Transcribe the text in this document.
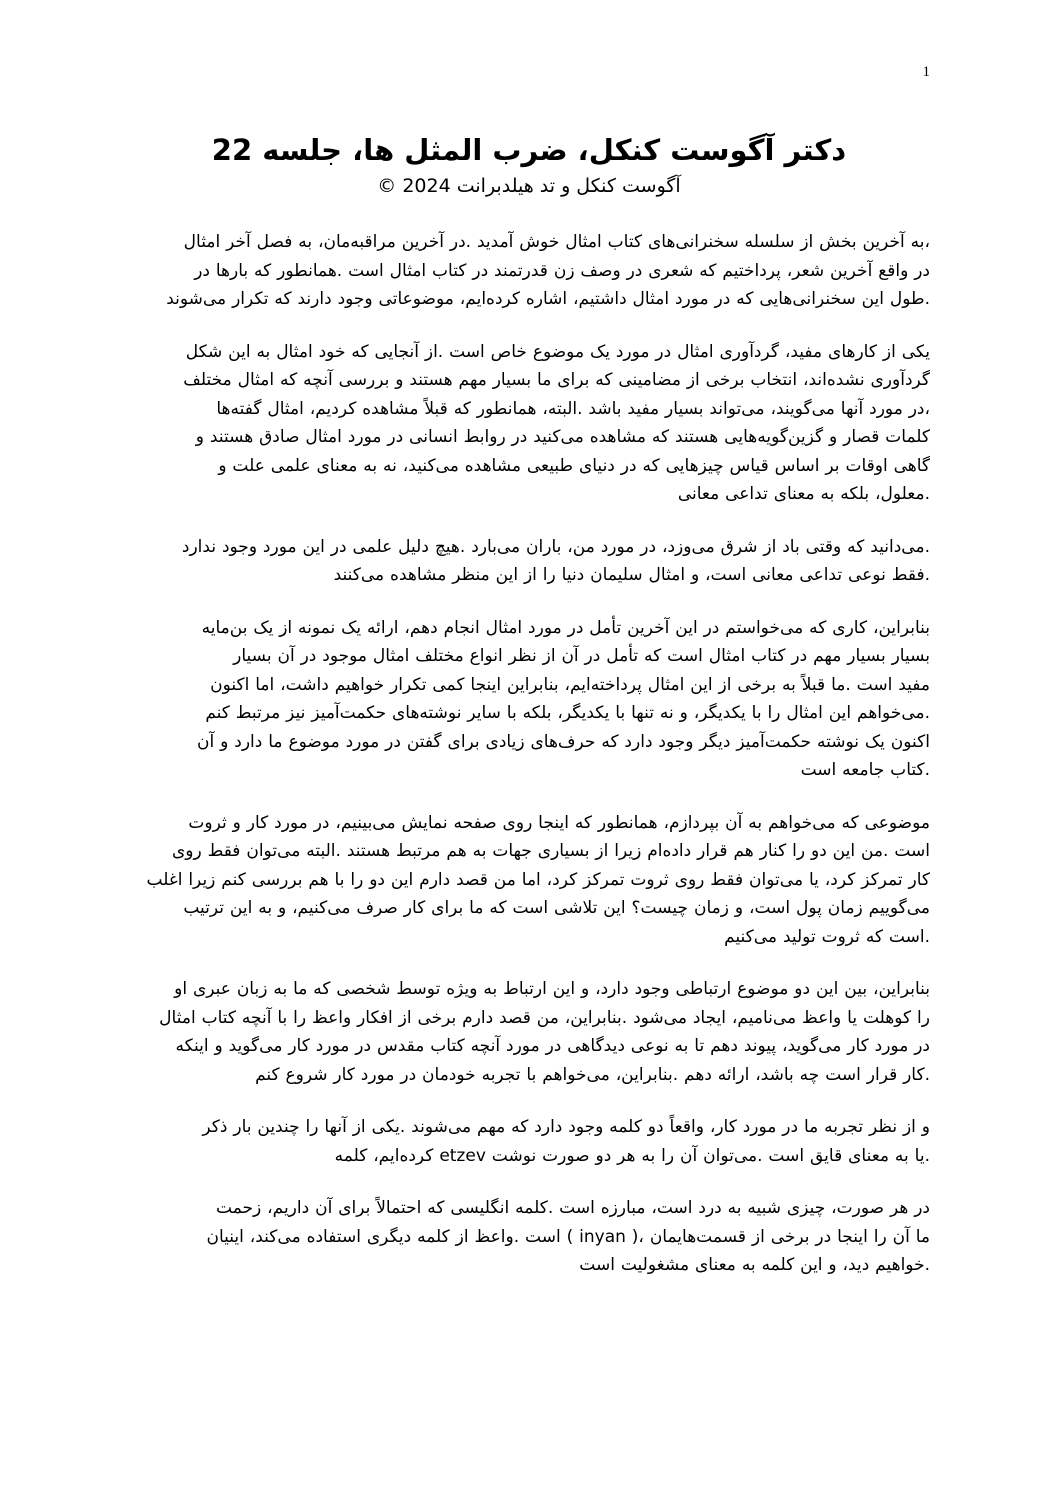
1
دکتر آگوست کنکل، ضرب المثل ها، جلسه 22

آگوست کنکل و تد هیلدبرانت 2024 ©

،به آخرین بخش از سلسله سخنرانی‌های کتاب امثال خوش آمدید .در آخرین مراقبه‌مان، به فصل آخر امثال
در واقع آخرین شعر، پرداختیم که شعری در وصف زن قدرتمند در کتاب امثال است .همانطور که بارها در
.طول این سخنرانی‌هایی که در مورد امثال داشتیم، اشاره کرده‌ایم، موضوعاتی وجود دارند که تکرار می‌شوند

یکی از کارهای مفید، گردآوری امثال در مورد یک موضوع خاص است .از آنجایی که خود امثال به این شکل
گردآوری نشده‌اند، انتخاب برخی از مضامینی که برای ما بسیار مهم هستند و بررسی آنچه که امثال مختلف
،در مورد آنها می‌گویند، می‌تواند بسیار مفید باشد .البته، همانطور که قبلاً مشاهده کردیم، امثال گفته‌ها
کلمات قصار و گزین‌گویه‌هایی هستند که مشاهده می‌کنید در روابط انسانی در مورد امثال صادق هستند و
گاهی اوقات بر اساس قیاس چیزهایی که در دنیای طبیعی مشاهده می‌کنید، نه به معنای علمی علت و
.معلول، بلکه به معنای تداعی معانی

.می‌دانید که وقتی باد از شرق می‌وزد، در مورد من، باران می‌بارد .هیچ دلیل علمی در این مورد وجود ندارد
.فقط نوعی تداعی معانی است، و امثال سلیمان دنیا را از این منظر مشاهده می‌کنند

بنابراین، کاری که می‌خواستم در این آخرین تأمل در مورد امثال انجام دهم، ارائه یک نمونه از یک بن‌مایه
بسیار بسیار مهم در کتاب امثال است که تأمل در آن از نظر انواع مختلف امثال موجود در آن بسیار
مفید است .ما قبلاً به برخی از این امثال پرداخته‌ایم، بنابراین اینجا کمی تکرار خواهیم داشت، اما اکنون
.می‌خواهم این امثال را با یکدیگر، و نه تنها با یکدیگر، بلکه با سایر نوشته‌های حکمت‌آمیز نیز مرتبط کنم
اکنون یک نوشته حکمت‌آمیز دیگر وجود دارد که حرف‌های زیادی برای گفتن در مورد موضوع ما دارد و آن
.کتاب جامعه است

موضوعی که می‌خواهم به آن بپردازم، همانطور که اینجا روی صفحه نمایش می‌بینیم، در مورد کار و ثروت
است .من این دو را کنار هم قرار داده‌ام زیرا از بسیاری جهات به هم مرتبط هستند .البته می‌توان فقط روی
کار تمرکز کرد، یا می‌توان فقط روی ثروت تمرکز کرد، اما من قصد دارم این دو را با هم بررسی کنم زیرا اغلب
می‌گوییم زمان پول است، و زمان چیست؟ این تلاشی است که ما برای کار صرف می‌کنیم، و به این ترتیب
.است که ثروت تولید می‌کنیم

بنابراین، بین این دو موضوع ارتباطی وجود دارد، و این ارتباط به ویژه توسط شخصی که ما به زبان عبری او
را کوهلت یا واعظ می‌نامیم، ایجاد می‌شود .بنابراین، من قصد دارم برخی از افکار واعظ را با آنچه کتاب امثال
در مورد کار می‌گوید، پیوند دهم تا به نوعی دیدگاهی در مورد آنچه کتاب مقدس در مورد کار می‌گوید و اینکه
.کار قرار است چه باشد، ارائه دهم .بنابراین، می‌خواهم با تجربه خودمان در مورد کار شروع کنم

و از نظر تجربه ما در مورد کار، واقعاً دو کلمه وجود دارد که مهم می‌شوند .یکی از آنها را چندین بار ذکر
.یا به معنای قایق است .می‌توان آن را به هر دو صورت نوشت etzev کرده‌ایم، کلمه

در هر صورت، چیزی شبیه به درد است، مبارزه است .کلمه انگلیسی که احتمالاً برای آن داریم، زحمت
ما آن را اینجا در برخی از قسمت‌هایمان ،( inyan ) است .واعظ از کلمه دیگری استفاده می‌کند، اینیان
.خواهیم دید، و این کلمه به معنای مشغولیت است
